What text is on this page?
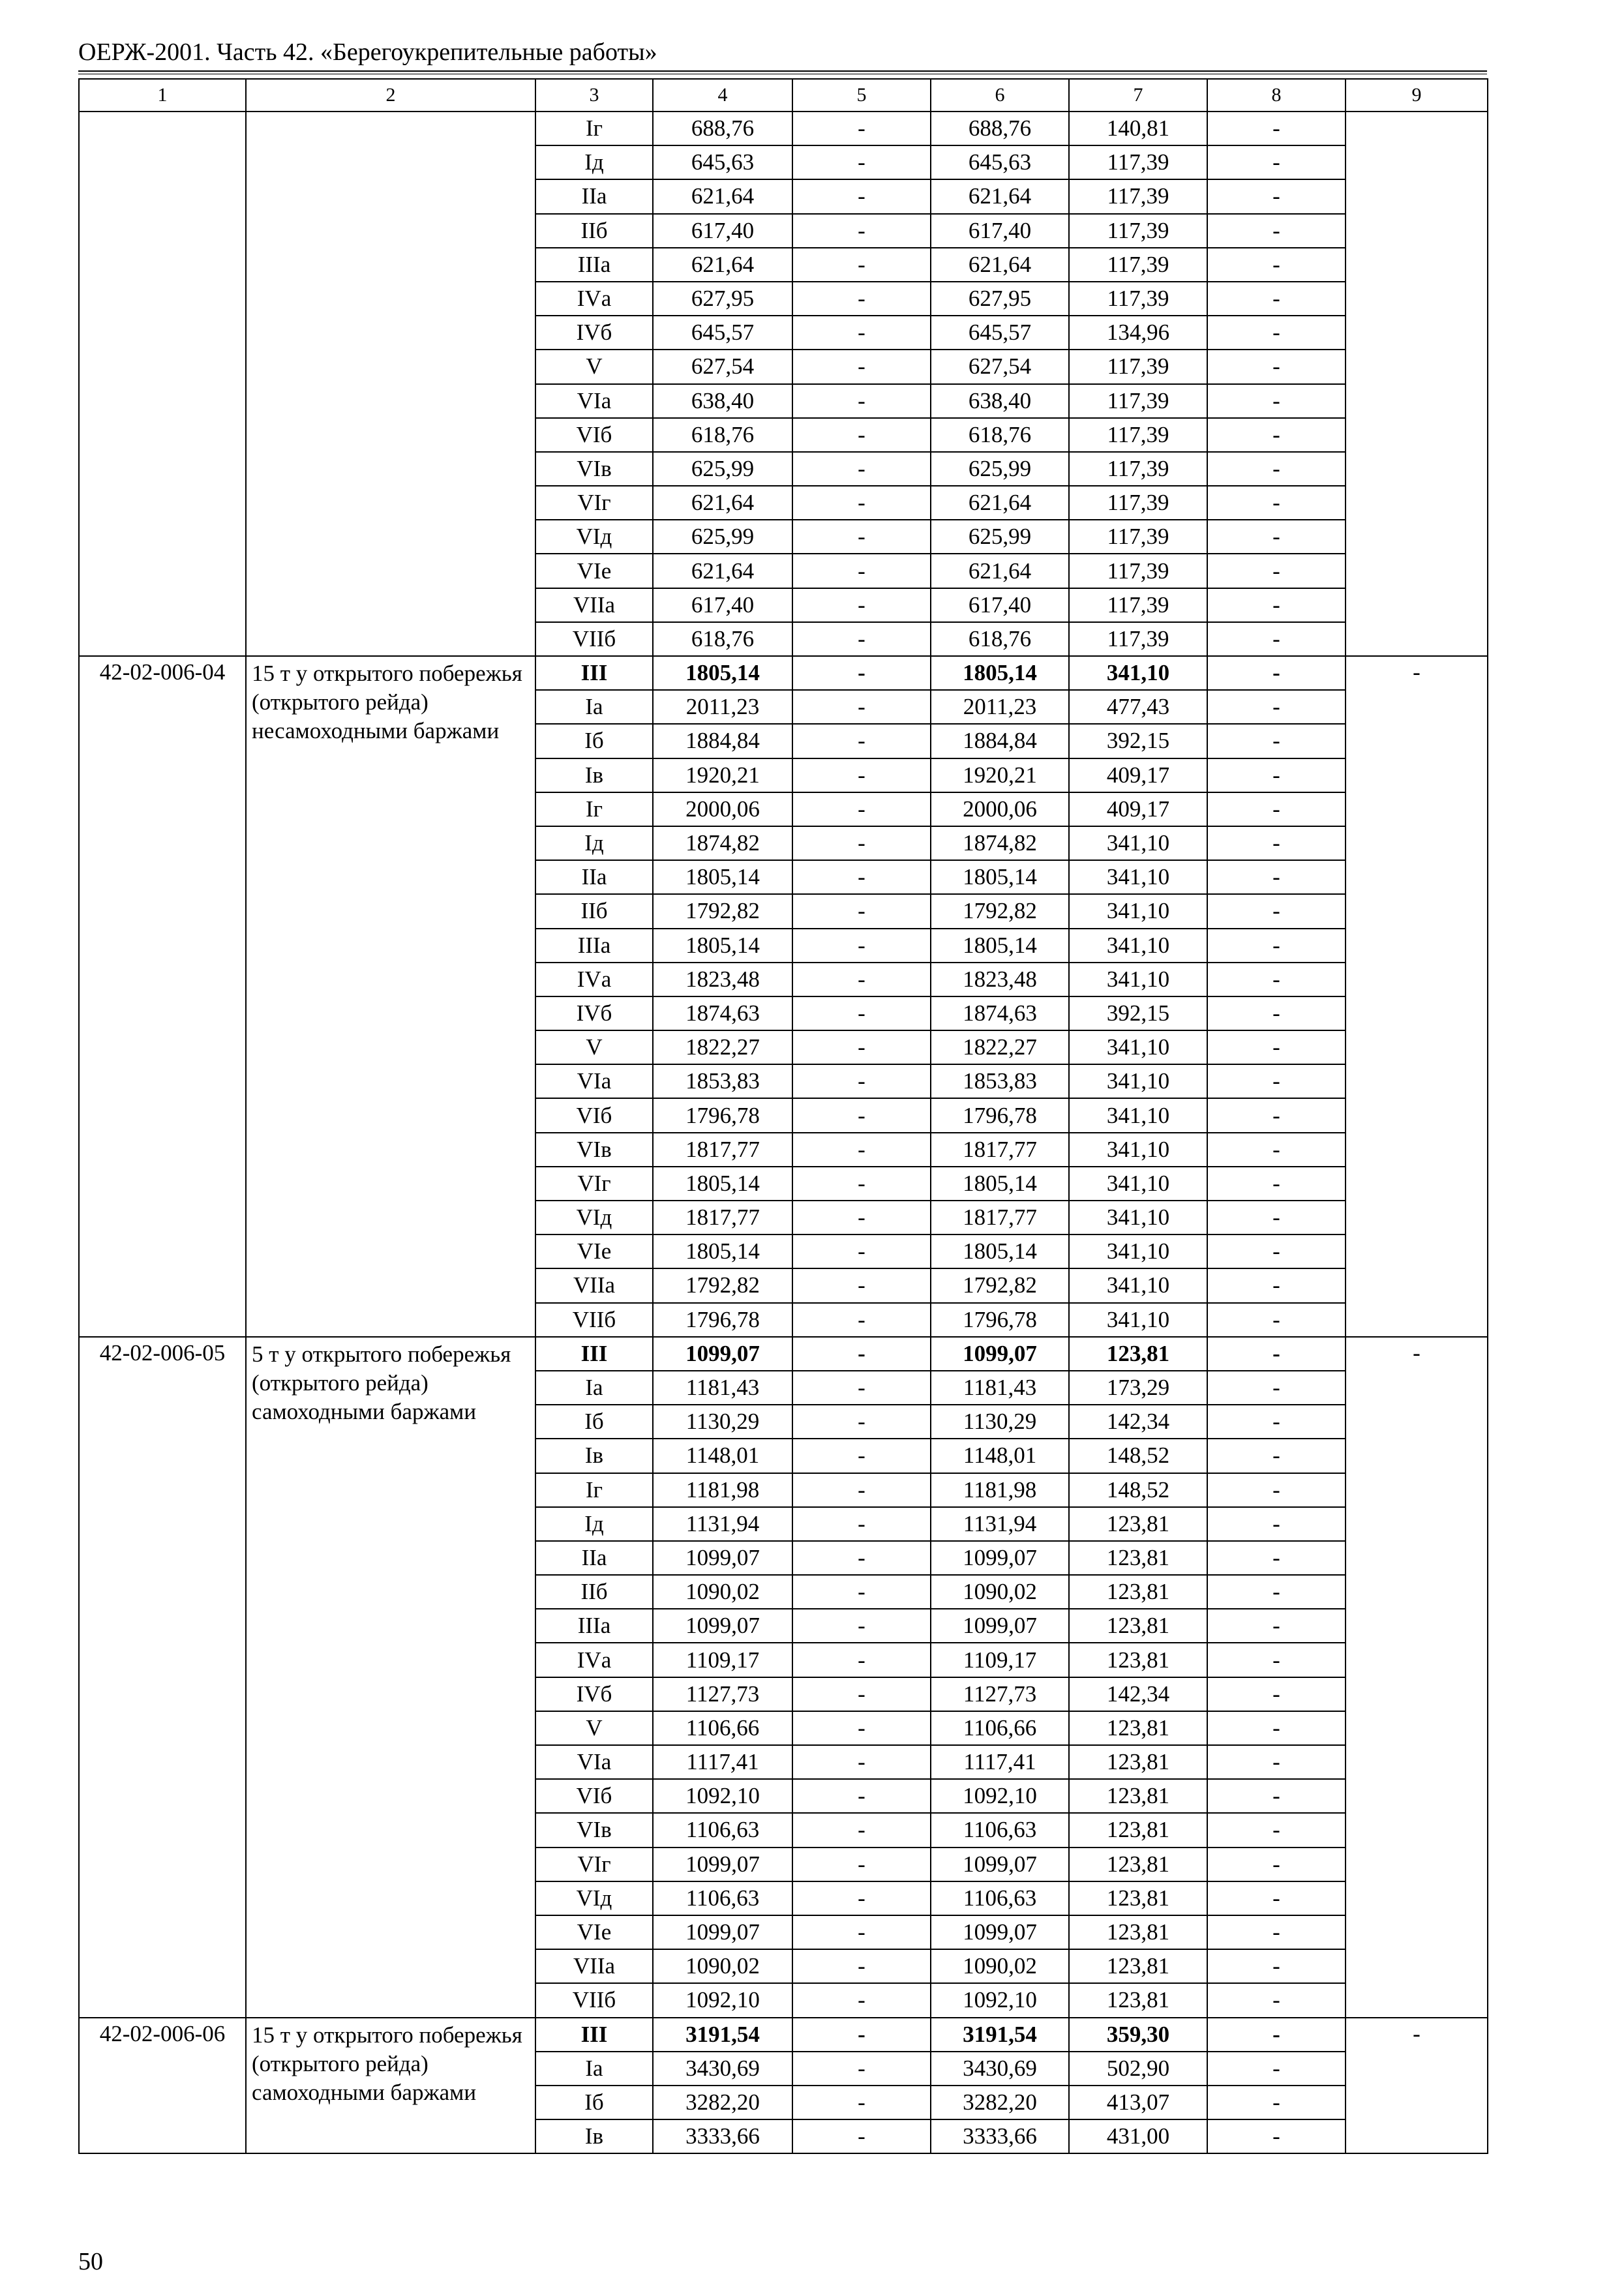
ОЕРЖ-2001. Часть 42. «Берегоукрепительные работы»
1	2	3	4	5	6	7	8	9
		Iг	688,76	-	688,76	140,81	-	
		Iд	645,63	-	645,63	117,39	-	
		IIа	621,64	-	621,64	117,39	-	
		IIб	617,40	-	617,40	117,39	-	
		IIIа	621,64	-	621,64	117,39	-	
		IVа	627,95	-	627,95	117,39	-	
		IVб	645,57	-	645,57	134,96	-	
		V	627,54	-	627,54	117,39	-	
		VIа	638,40	-	638,40	117,39	-	
		VIб	618,76	-	618,76	117,39	-	
		VIв	625,99	-	625,99	117,39	-	
		VIг	621,64	-	621,64	117,39	-	
		VIд	625,99	-	625,99	117,39	-	
		VIе	621,64	-	621,64	117,39	-	
		VIIа	617,40	-	617,40	117,39	-	
		VIIб	618,76	-	618,76	117,39	-	
42-02-006-04	15 т у открытого побережья (открытого рейда) несамоходными баржами	III	1805,14	-	1805,14	341,10	-	-
		Iа	2011,23	-	2011,23	477,43	-	
		Iб	1884,84	-	1884,84	392,15	-	
		Iв	1920,21	-	1920,21	409,17	-	
		Iг	2000,06	-	2000,06	409,17	-	
		Iд	1874,82	-	1874,82	341,10	-	
		IIа	1805,14	-	1805,14	341,10	-	
		IIб	1792,82	-	1792,82	341,10	-	
		IIIа	1805,14	-	1805,14	341,10	-	
		IVа	1823,48	-	1823,48	341,10	-	
		IVб	1874,63	-	1874,63	392,15	-	
		V	1822,27	-	1822,27	341,10	-	
		VIа	1853,83	-	1853,83	341,10	-	
		VIб	1796,78	-	1796,78	341,10	-	
		VIв	1817,77	-	1817,77	341,10	-	
		VIг	1805,14	-	1805,14	341,10	-	
		VIд	1817,77	-	1817,77	341,10	-	
		VIе	1805,14	-	1805,14	341,10	-	
		VIIа	1792,82	-	1792,82	341,10	-	
		VIIб	1796,78	-	1796,78	341,10	-	
42-02-006-05	5 т у открытого побережья (открытого рейда) самоходными баржами	III	1099,07	-	1099,07	123,81	-	-
		Iа	1181,43	-	1181,43	173,29	-	
		Iб	1130,29	-	1130,29	142,34	-	
		Iв	1148,01	-	1148,01	148,52	-	
		Iг	1181,98	-	1181,98	148,52	-	
		Iд	1131,94	-	1131,94	123,81	-	
		IIа	1099,07	-	1099,07	123,81	-	
		IIб	1090,02	-	1090,02	123,81	-	
		IIIа	1099,07	-	1099,07	123,81	-	
		IVа	1109,17	-	1109,17	123,81	-	
		IVб	1127,73	-	1127,73	142,34	-	
		V	1106,66	-	1106,66	123,81	-	
		VIа	1117,41	-	1117,41	123,81	-	
		VIб	1092,10	-	1092,10	123,81	-	
		VIв	1106,63	-	1106,63	123,81	-	
		VIг	1099,07	-	1099,07	123,81	-	
		VIд	1106,63	-	1106,63	123,81	-	
		VIе	1099,07	-	1099,07	123,81	-	
		VIIа	1090,02	-	1090,02	123,81	-	
		VIIб	1092,10	-	1092,10	123,81	-	
42-02-006-06	15 т у открытого побережья (открытого рейда) самоходными баржами	III	3191,54	-	3191,54	359,30	-	-
		Iа	3430,69	-	3430,69	502,90	-	
		Iб	3282,20	-	3282,20	413,07	-	
		Iв	3333,66	-	3333,66	431,00	-	
50
